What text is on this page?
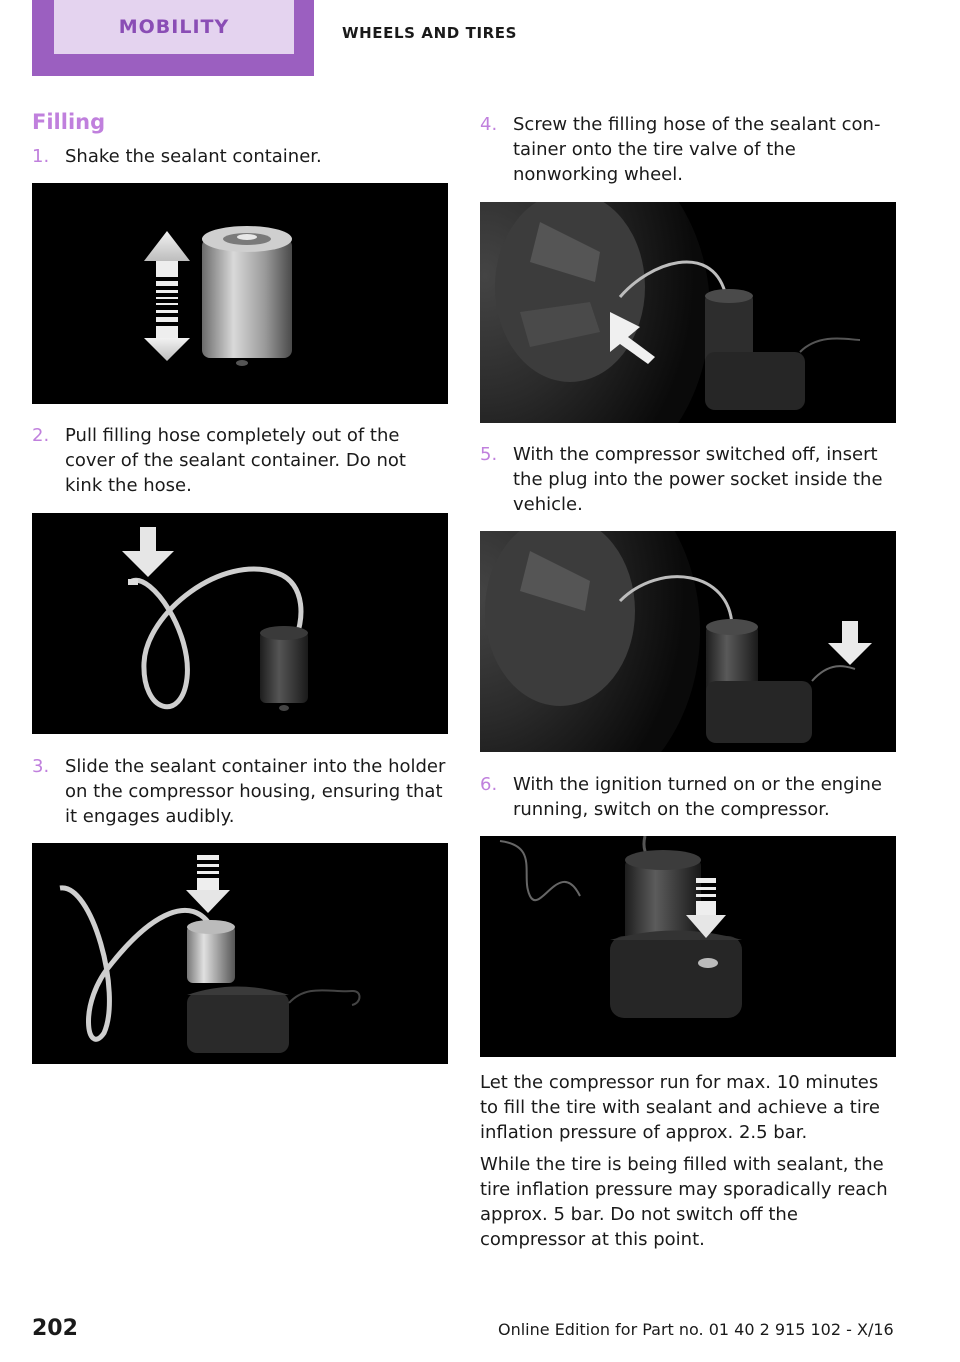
MOBILITY	WHEELS AND TIRES
Filling
1. Shake the sealant container.
2. Pull filling hose completely out of the cover of the sealant container. Do not kink the hose.
3. Slide the sealant container into the holder on the compressor housing, ensuring that it engages audibly.
4. Screw the filling hose of the sealant container onto the tire valve of the nonworking wheel.
5. With the compressor switched off, insert the plug into the power socket inside the vehicle.
6. With the ignition turned on or the engine running, switch on the compressor.
Let the compressor run for max. 10 minutes to fill the tire with sealant and achieve a tire inflation pressure of approx. 2.5 bar.
While the tire is being filled with sealant, the tire inflation pressure may sporadically reach approx. 5 bar. Do not switch off the compressor at this point.
202	Online Edition for Part no. 01 40 2 915 102 - X/16
